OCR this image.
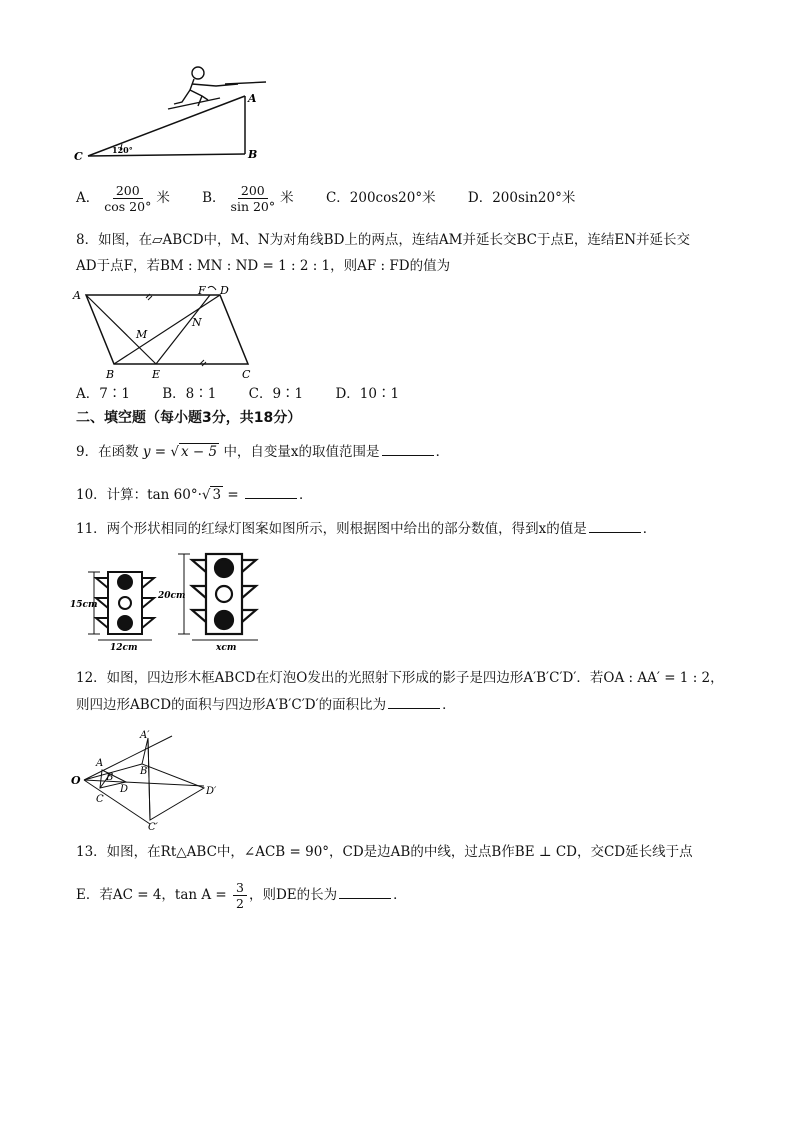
120°
A
B
C
A． $\frac{200}{\cos 20^\circ}$ 米 B． $\frac{200}{\sin 20^\circ}$ 米 C．200cos20°米 D．200sin20°米
8．如图，在▱ABCD中，M、N为对角线BD上的两点，连结AM并延长交BC于点E，连结EN并延长交
AD于点F，若BM : MN : ND = 1 : 2 : 1，则AF : FD的值为
A	F D
M
N
B	E	C
A．7∶1 B．8∶1 C．9∶1 D．10∶1
二、填空题（每小题3分，共18分）
9．在函数 y = √ x − 5 中，自变量x的取值范围是	．
10．计算：tan 60°·√ 3 =	．
11．两个形状相同的红绿灯图案如图所示，则根据图中给出的部分数值，得到x的值是	．
15cm
12cm
20cm
xcm
12．如图，四边形木框ABCD在灯泡O发出的光照射下形成的影子是四边形A′B′C′D′．若OA : AA′ = 1 : 2，
则四边形ABCD的面积与四边形A′B′C′D′的面积比为	．
O
A
B
C
D
A′
B′
C′
D′
13．如图，在Rt△ABC中，∠ACB = 90°，CD是边AB的中线，过点B作BE ⊥ CD，交CD延长线于点
E．若AC = 4，$\tan A = \frac{3}{2}$ ，则DE的长为	．
